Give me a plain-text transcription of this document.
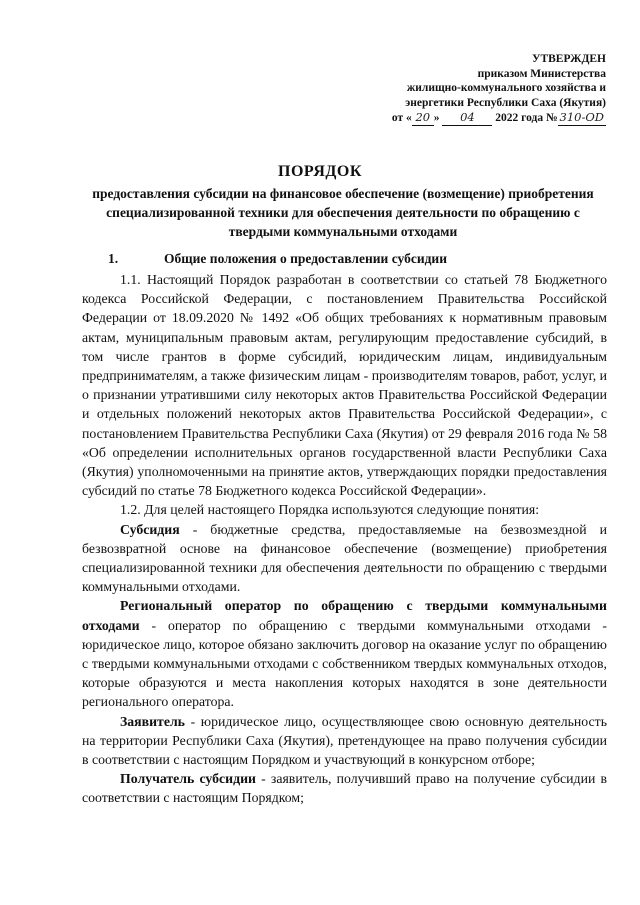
УТВЕРЖДЕН
приказом Министерства
жилищно-коммунального хозяйства и
энергетики Республики Саха (Якутия)
от « 20 » 04 2022 года № 310-OD
ПОРЯДОК
предоставления субсидии на финансовое обеспечение (возмещение) приобретения специализированной техники для обеспечения деятельности по обращению с твердыми коммунальными отходами
1.	Общие положения о предоставлении субсидии

1.1. Настоящий Порядок разработан в соответствии со статьей 78 Бюджетного кодекса Российской Федерации, с постановлением Правительства Российской Федерации от 18.09.2020 № 1492 «Об общих требованиях к нормативным правовым актам, муниципальным правовым актам, регулирующим предоставление субсидий, в том числе грантов в форме субсидий, юридическим лицам, индивидуальным предпринимателям, а также физическим лицам - производителям товаров, работ, услуг, и о признании утратившими силу некоторых актов Правительства Российской Федерации и отдельных положений некоторых актов Правительства Российской Федерации», с постановлением Правительства Республики Саха (Якутия) от 29 февраля 2016 года № 58 «Об определении исполнительных органов государственной власти Республики Саха (Якутия) уполномоченными на принятие актов, утверждающих порядки предоставления субсидий по статье 78 Бюджетного кодекса Российской Федерации».

1.2. Для целей настоящего Порядка используются следующие понятия:

Субсидия - бюджетные средства, предоставляемые на безвозмездной и безвозвратной основе на финансовое обеспечение (возмещение) приобретения специализированной техники для обеспечения деятельности по обращению с твердыми коммунальными отходами.

Региональный оператор по обращению с твердыми коммунальными отходами - оператор по обращению с твердыми коммунальными отходами - юридическое лицо, которое обязано заключить договор на оказание услуг по обращению с твердыми коммунальными отходами с собственником твердых коммунальных отходов, которые образуются и места накопления которых находятся в зоне деятельности регионального оператора.

Заявитель - юридическое лицо, осуществляющее свою основную деятельность на территории Республики Саха (Якутия), претендующее на право получения субсидии в соответствии с настоящим Порядком и участвующий в конкурсном отборе;

Получатель субсидии - заявитель, получивший право на получение субсидии в соответствии с настоящим Порядком;
